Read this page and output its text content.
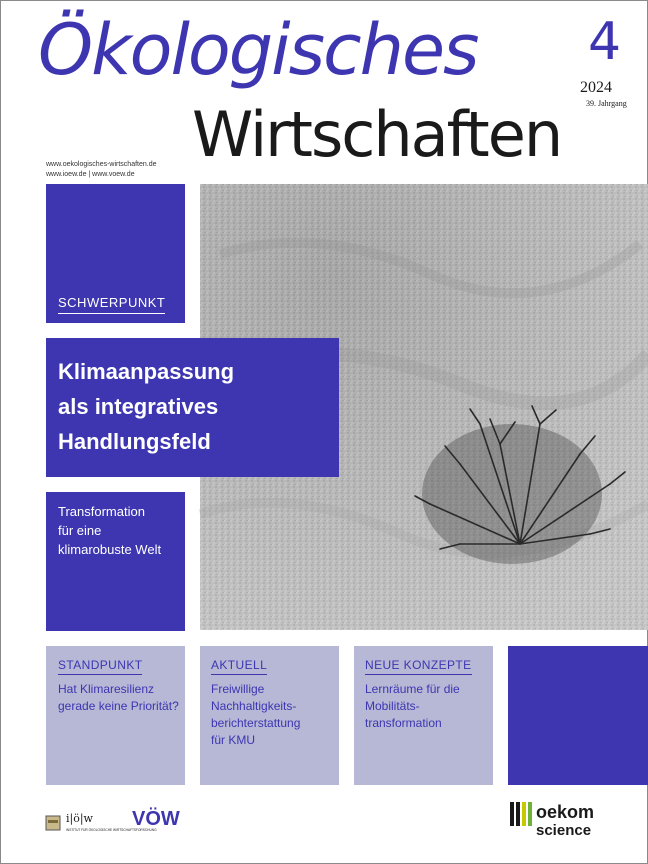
Ökologisches
Wirtschaften
4
2024
39. Jahrgang
www.oekologisches-wirtschaften.de
www.ioew.de | www.voew.de
SCHWERPUNKT
Klimaanpassung
als integratives
Handlungsfeld
Transformation
für eine
klimarobuste Welt
STANDPUNKT
Hat Klimaresilienz
gerade keine Priorität?
AKTUELL
Freiwillige
Nachhaltigkeits-
berichterstattung
für KMU
NEUE KONZEPTE
Lernräume für die
Mobilitäts-
transformation
i|ö|w
INSTITUT FÜR ÖKOLOGISCHE WIRTSCHAFTSFORSCHUNG
VÖW	oekom
science
